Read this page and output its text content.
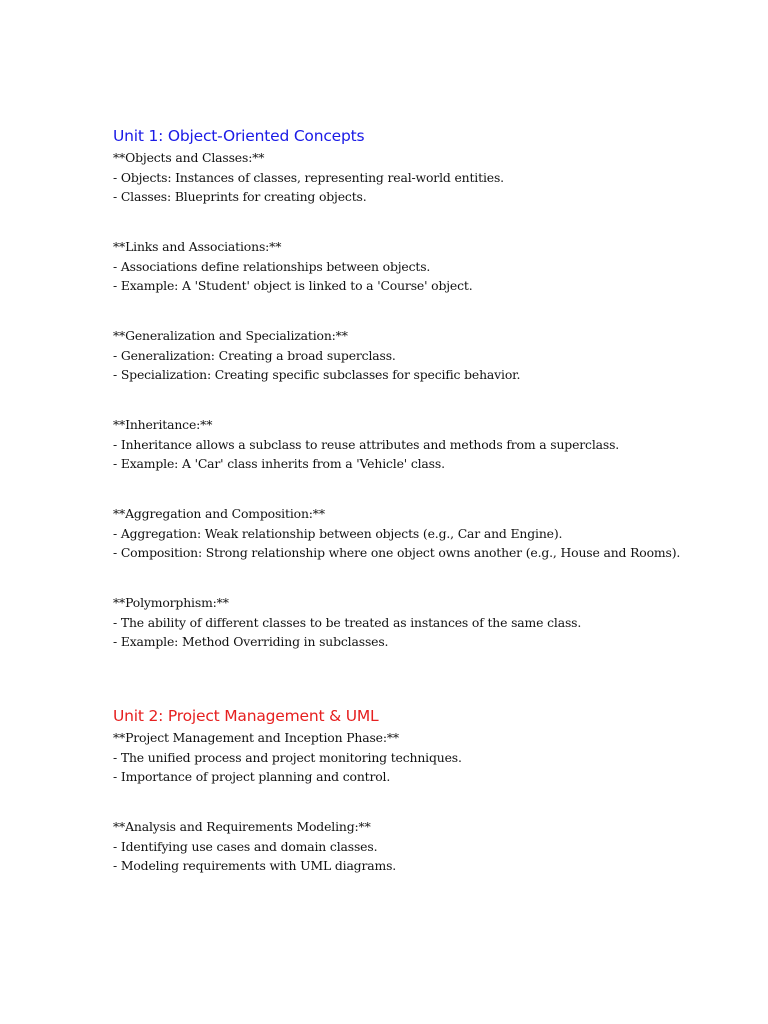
Unit 1: Object-Oriented Concepts
**Objects and Classes:**
- Objects: Instances of classes, representing real-world entities.
- Classes: Blueprints for creating objects.
**Links and Associations:**
- Associations define relationships between objects.
- Example: A 'Student' object is linked to a 'Course' object.
**Generalization and Specialization:**
- Generalization: Creating a broad superclass.
- Specialization: Creating specific subclasses for specific behavior.
**Inheritance:**
- Inheritance allows a subclass to reuse attributes and methods from a superclass.
- Example: A 'Car' class inherits from a 'Vehicle' class.
**Aggregation and Composition:**
- Aggregation: Weak relationship between objects (e.g., Car and Engine).
- Composition: Strong relationship where one object owns another (e.g., House and Rooms).
**Polymorphism:**
- The ability of different classes to be treated as instances of the same class.
- Example: Method Overriding in subclasses.
Unit 2: Project Management & UML
**Project Management and Inception Phase:**
- The unified process and project monitoring techniques.
- Importance of project planning and control.
**Analysis and Requirements Modeling:**
- Identifying use cases and domain classes.
- Modeling requirements with UML diagrams.
